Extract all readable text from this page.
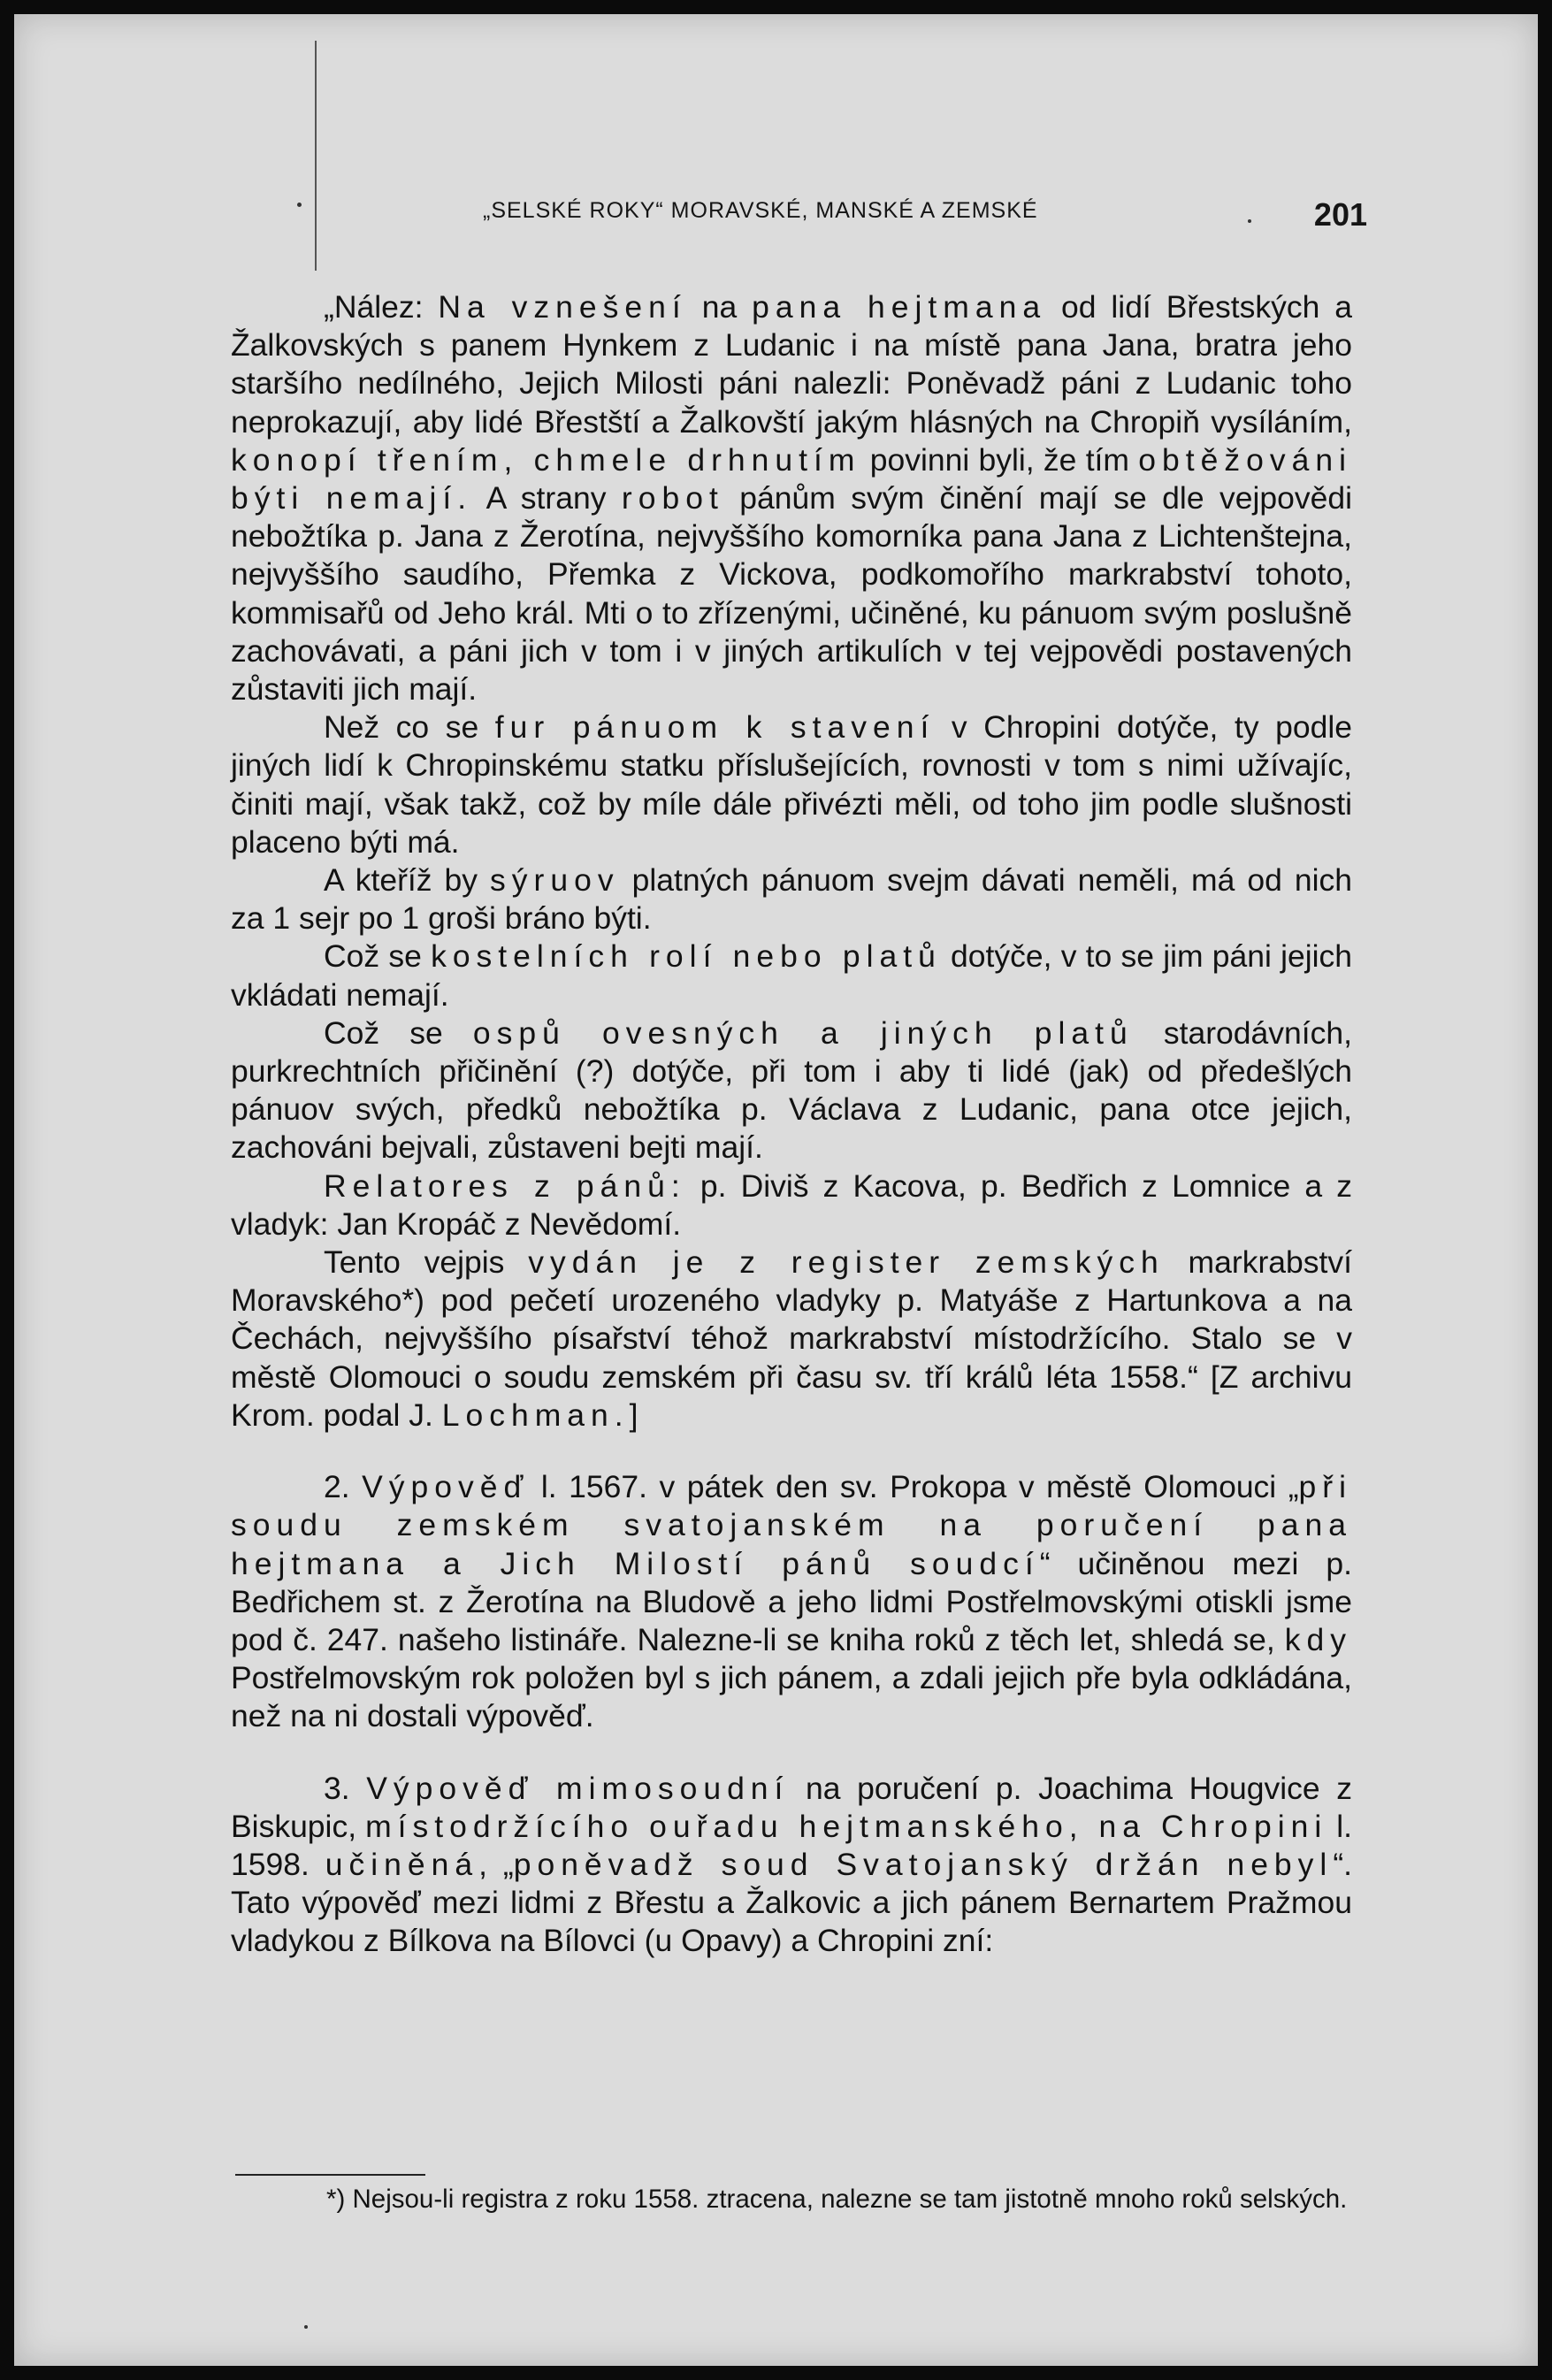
„SELSKÉ ROKY“ MORAVSKÉ, MANSKÉ A ZEMSKÉ	201

„Nález: Na vznešení na pana hejtmana od lidí Břestských a Žalkovských s panem Hynkem z Ludanic i na místě pana Jana, bratra jeho staršího nedílného, Jejich Milosti páni nalezli: Poněvadž páni z Ludanic toho neprokazují, aby lidé Břestští a Žalkovští jakým hlásných na Chropiň vysíláním, konopí třením, chmele drhnutím povinni byli, že tím obtěžováni býti nemají. A strany robot pánům svým činění mají se dle vejpovědi nebožtíka p. Jana z Žerotína, nejvyššího komorníka pana Jana z Lichtenštejna, nejvyššího saudího, Přemka z Vickova, podkomořího markrabství tohoto, kommisařů od Jeho král. Mti o to zřízenými, učiněné, ku pánuom svým poslušně zachovávati, a páni jich v tom i v jiných artikulích v tej vejpovědi postavených zůstaviti jich mají.

Než co se fur pánuom k stavení v Chropini dotýče, ty podle jiných lidí k Chropinskému statku příslušejících, rovnosti v tom s nimi užívajíc, činiti mají, však takž, což by míle dále přivézti měli, od toho jim podle slušnosti placeno býti má.

A kteříž by sýruov platných pánuom svejm dávati neměli, má od nich za 1 sejr po 1 groši bráno býti.

Což se kostelních rolí nebo platů dotýče, v to se jim páni jejich vkládati nemají.

Což se ospů ovesných a jiných platů starodávních, purkrechtních přičinění (?) dotýče, při tom i aby ti lidé (jak) od předešlých pánuov svých, předků nebožtíka p. Václava z Ludanic, pana otce jejich, zachováni bejvali, zůstaveni bejti mají.

Relatores z pánů: p. Diviš z Kacova, p. Bedřich z Lomnice a z vladyk: Jan Kropáč z Nevědomí.

Tento vejpis vydán je z register zemských markrabství Moravského*) pod pečetí urozeného vladyky p. Matyáše z Hartunkova a na Čechách, nejvyššího písařství téhož markrabství místodržícího. Stalo se v městě Olomouci o soudu zemském při času sv. tří králů léta 1558.“ [Z archivu Krom. podal J. Lochman.]

2. Výpověď l. 1567. v pátek den sv. Prokopa v městě Olomouci „při soudu zemském svatojanském na poručení pana hejtmana a Jich Milostí pánů soudcí“ učiněnou mezi p. Bedřichem st. z Žerotína na Bludově a jeho lidmi Postřelmovskými otiskli jsme pod č. 247. našeho listináře. Nalezne-li se kniha roků z těch let, shledá se, kdy Postřelmovským rok položen byl s jich pánem, a zdali jejich pře byla odkládána, než na ni dostali výpověď.

3. Výpověď mimosoudní na poručení p. Joachima Hougvice z Biskupic, místodržícího ouřadu hejtmanského, na Chropini l. 1598. učiněná, „poněvadž soud Svatojanský držán nebyl“. Tato výpověď mezi lidmi z Břestu a Žalkovic a jich pánem Bernartem Pražmou vladykou z Bílkova na Bílovci (u Opavy) a Chropini zní:

*) Nejsou-li registra z roku 1558. ztracena, nalezne se tam jistotně mnoho roků selských.
